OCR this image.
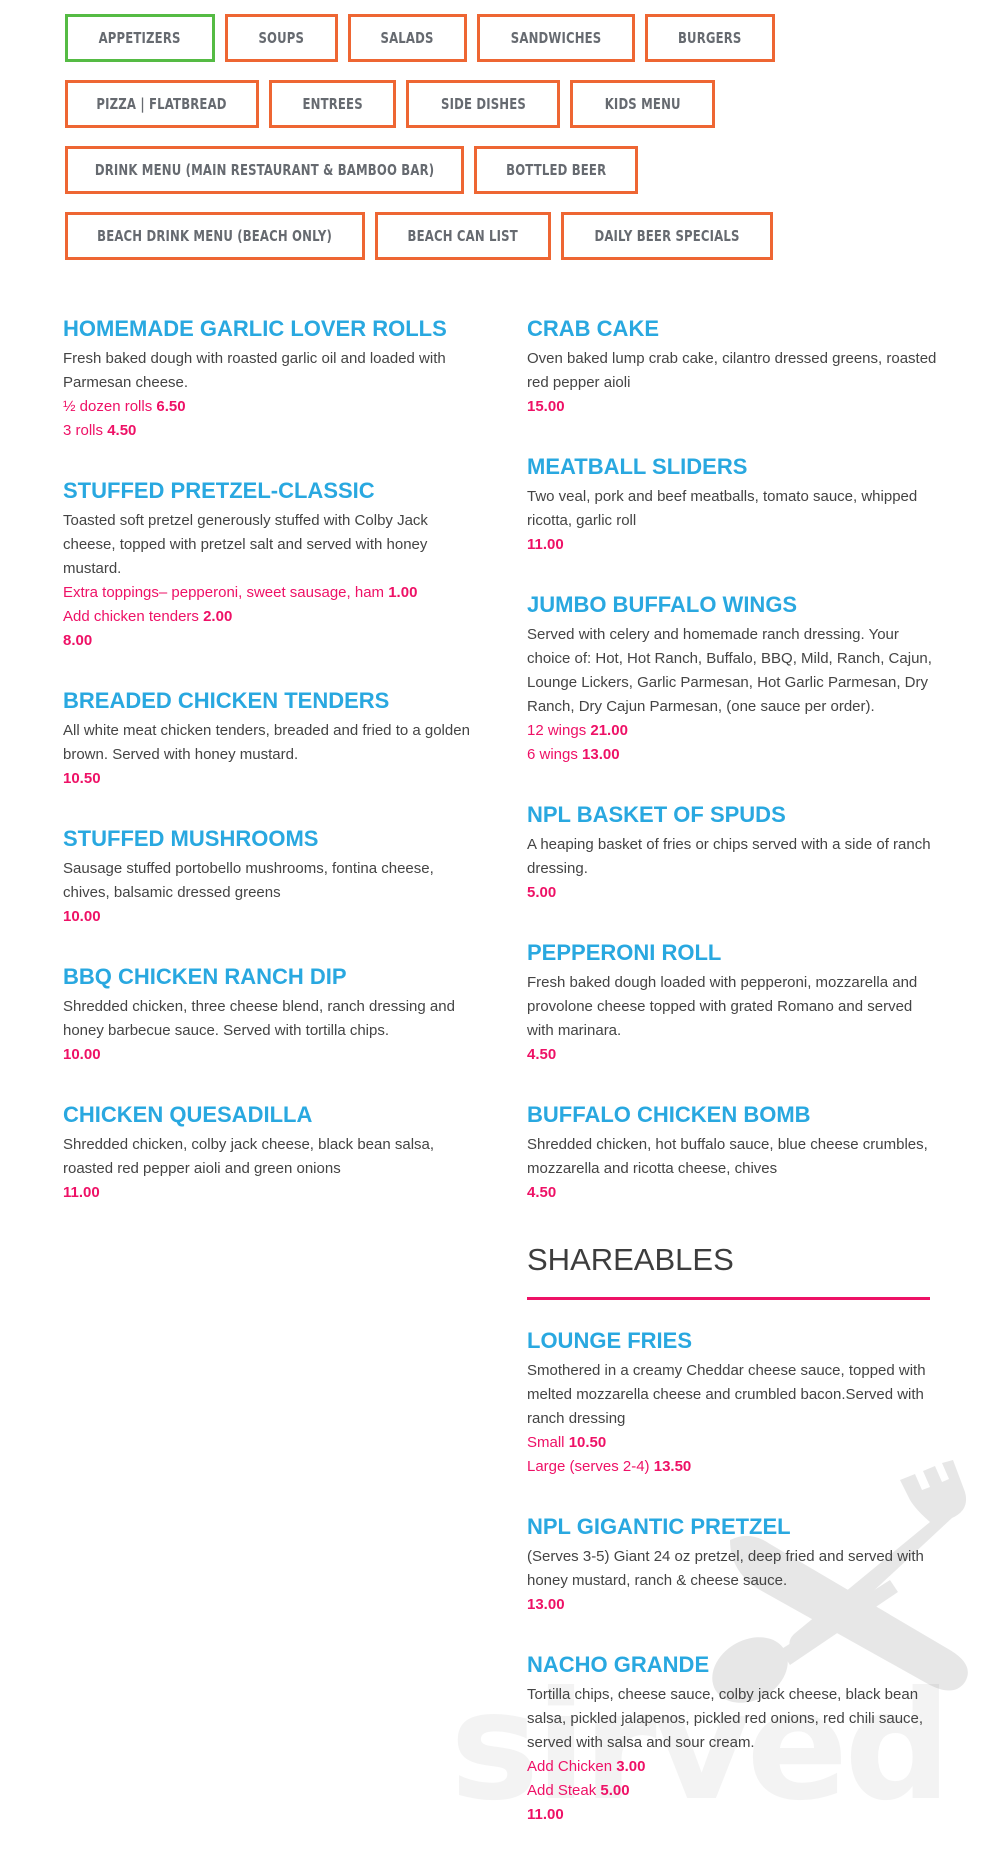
APPETIZERS	SOUPS	SALADS	SANDWICHES	BURGERS
PIZZA | FLATBREAD	ENTREES	SIDE DISHES	KIDS MENU
DRINK MENU (MAIN RESTAURANT & BAMBOO BAR)	BOTTLED BEER
BEACH DRINK MENU (BEACH ONLY)	BEACH CAN LIST	DAILY BEER SPECIALS
HOMEMADE GARLIC LOVER ROLLS

Fresh baked dough with roasted garlic oil and loaded with Parmesan cheese.

½ dozen rolls 6.50
3 rolls 4.50
STUFFED PRETZEL-CLASSIC

Toasted soft pretzel generously stuffed with Colby Jack cheese, topped with pretzel salt and served with honey mustard.

Extra toppings– pepperoni, sweet sausage, ham 1.00
Add chicken tenders 2.00
8.00
BREADED CHICKEN TENDERS

All white meat chicken tenders, breaded and fried to a golden brown. Served with honey mustard.

10.50
STUFFED MUSHROOMS

Sausage stuffed portobello mushrooms, fontina cheese, chives, balsamic dressed greens

10.00
BBQ CHICKEN RANCH DIP

Shredded chicken, three cheese blend, ranch dressing and honey barbecue sauce. Served with tortilla chips.

10.00
CHICKEN QUESADILLA

Shredded chicken, colby jack cheese, black bean salsa, roasted red pepper aioli and green onions

11.00
CRAB CAKE

Oven baked lump crab cake, cilantro dressed greens, roasted red pepper aioli

15.00
MEATBALL SLIDERS

Two veal, pork and beef meatballs, tomato sauce, whipped ricotta, garlic roll

11.00
JUMBO BUFFALO WINGS

Served with celery and homemade ranch dressing. Your choice of: Hot, Hot Ranch, Buffalo, BBQ, Mild, Ranch, Cajun, Lounge Lickers, Garlic Parmesan, Hot Garlic Parmesan, Dry Ranch, Dry Cajun Parmesan, (one sauce per order).

12 wings 21.00
6 wings 13.00
NPL BASKET OF SPUDS

A heaping basket of fries or chips served with a side of ranch dressing.

5.00
PEPPERONI ROLL

Fresh baked dough loaded with pepperoni, mozzarella and provolone cheese topped with grated Romano and served with marinara.

4.50
BUFFALO CHICKEN BOMB

Shredded chicken, hot buffalo sauce, blue cheese crumbles, mozzarella and ricotta cheese, chives

4.50
SHAREABLES
LOUNGE FRIES

Smothered in a creamy Cheddar cheese sauce, topped with melted mozzarella cheese and crumbled bacon.Served with ranch dressing

Small 10.50
Large (serves 2-4) 13.50
NPL GIGANTIC PRETZEL

(Serves 3-5) Giant 24 oz pretzel, deep fried and served with honey mustard, ranch & cheese sauce.

13.00
NACHO GRANDE

Tortilla chips, cheese sauce, colby jack cheese, black bean salsa, pickled jalapenos, pickled red onions, red chili sauce, served with salsa and sour cream.

Add Chicken 3.00
Add Steak 5.00
11.00
